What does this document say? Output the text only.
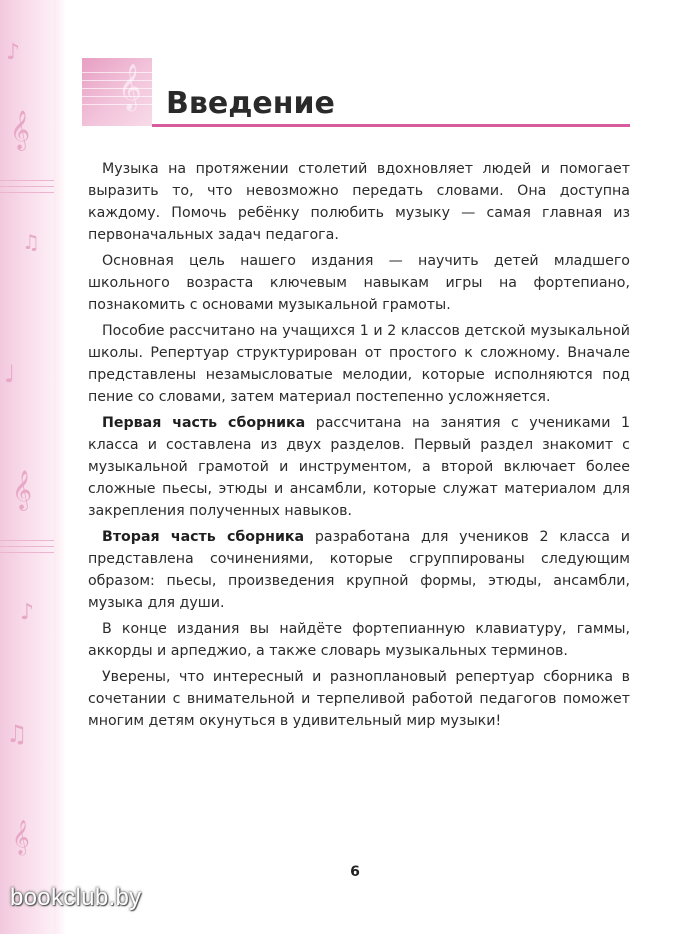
♪
𝄞
♫
♩
𝄞
♪
♫
𝄞
𝄞 Введение

Музыка на протяжении столетий вдохновляет людей и помогает выразить то, что невозможно передать словами. Она доступна каждому. Помочь ребёнку полюбить музыку — самая главная из первоначальных задач педагога.

Основная цель нашего издания — научить детей младшего школьного возраста ключевым навыкам игры на фортепиано, познакомить с основами музыкальной грамоты.

Пособие рассчитано на учащихся 1 и 2 классов детской музыкальной школы. Репертуар структурирован от простого к сложному. Вначале представлены незамысловатые мелодии, которые исполняются под пение со словами, затем материал постепенно усложняется.

Первая часть сборника рассчитана на занятия с учениками 1 класса и составлена из двух разделов. Первый раздел знакомит с музыкальной грамотой и инструментом, а второй включает более сложные пьесы, этюды и ансамбли, которые служат материалом для закрепления полученных навыков.

Вторая часть сборника разработана для учеников 2 класса и представлена сочинениями, которые сгруппированы следующим образом: пьесы, произведения крупной формы, этюды, ансамбли, музыка для души.

В конце издания вы найдёте фортепианную клавиатуру, гаммы, аккорды и арпеджио, а также словарь музыкальных терминов.

Уверены, что интересный и разноплановый репертуар сборника в сочетании с внимательной и терпеливой работой педагогов поможет многим детям окунуться в удивительный мир музыки!

6
bookclub.by
